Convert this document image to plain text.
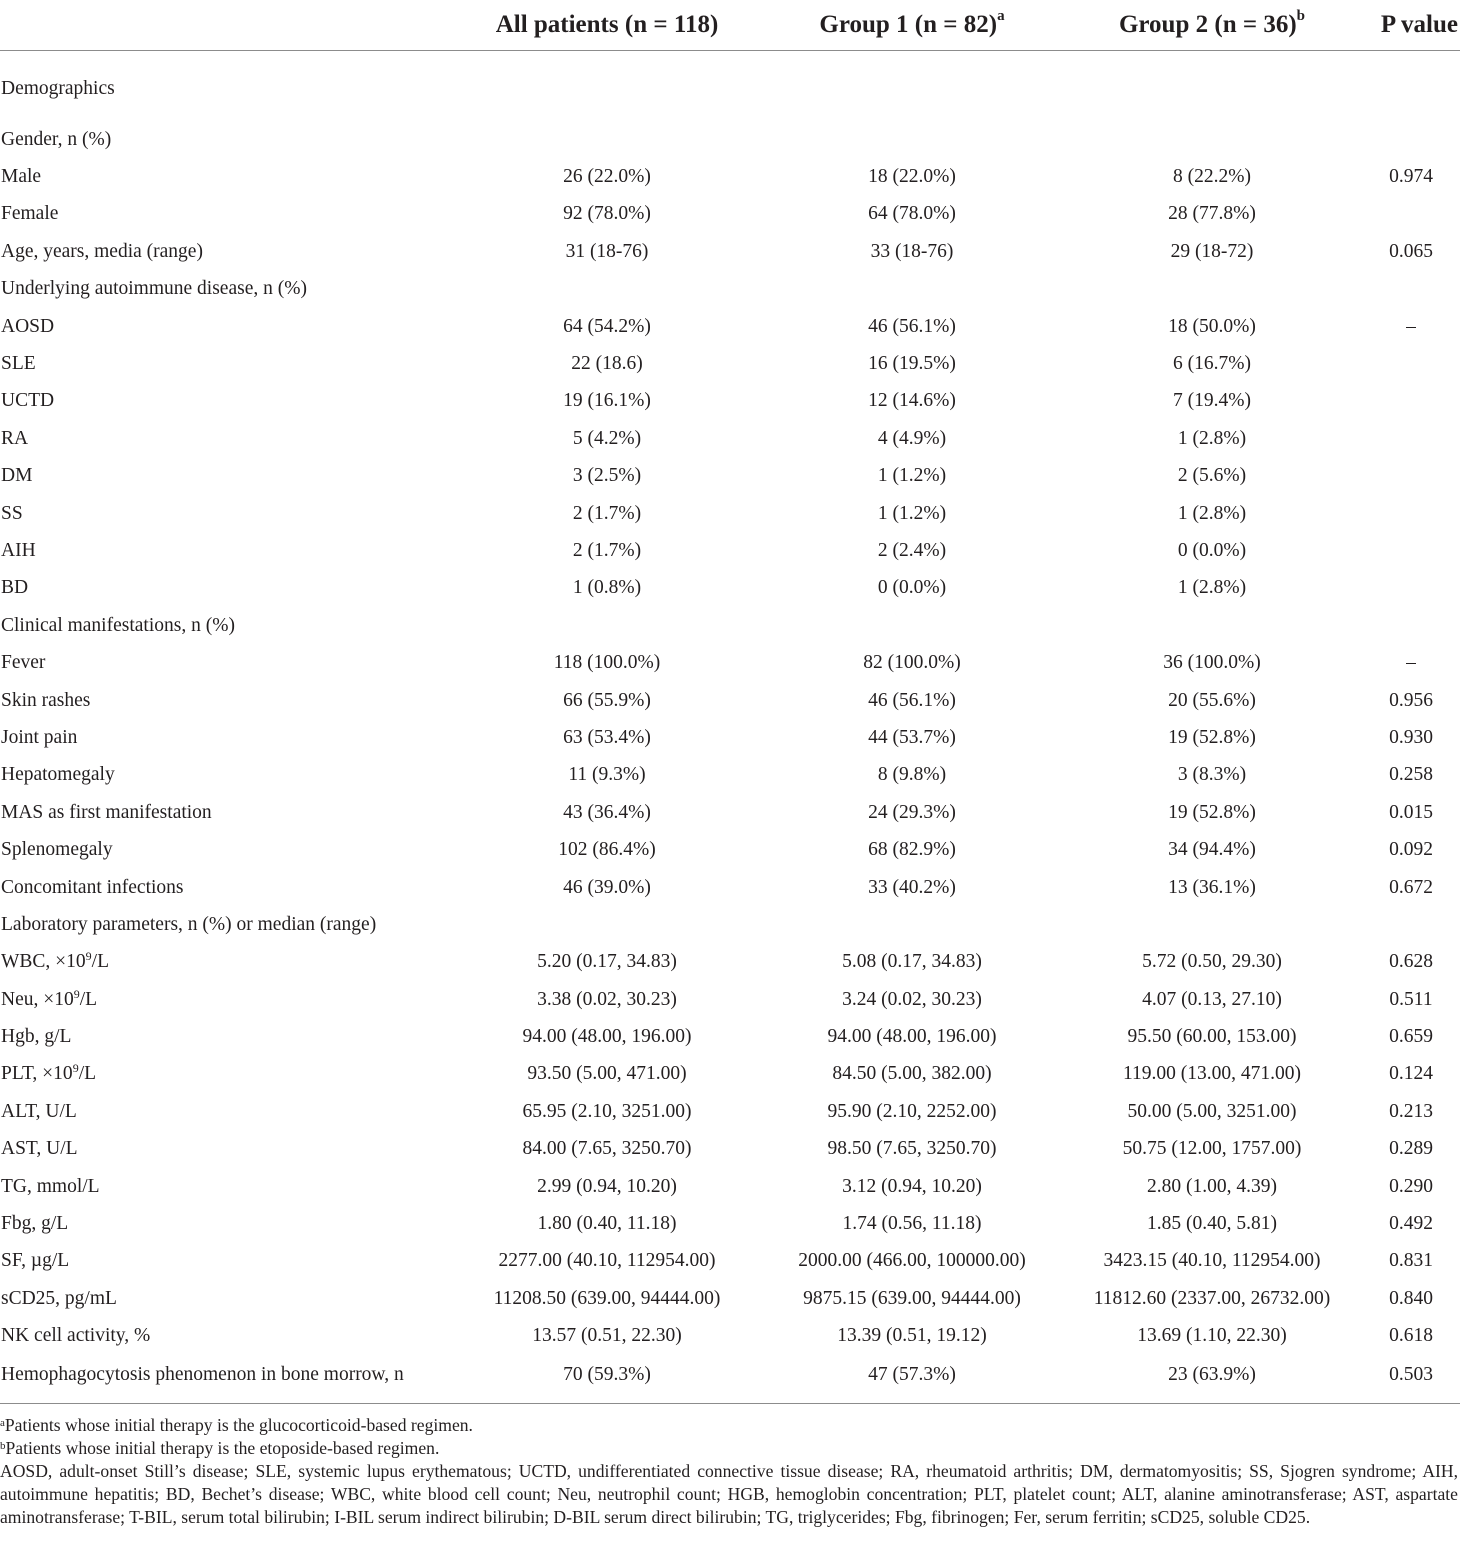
	All patients (n = 118)	Group 1 (n = 82)$^a$	Group 2 (n = 36)$^b$	P value
Demographics				
Gender, n (%)				
Male	26 (22.0%)	18 (22.0%)	8 (22.2%)	0.974
Female	92 (78.0%)	64 (78.0%)	28 (77.8%)	
Age, years, media (range)	31 (18-76)	33 (18-76)	29 (18-72)	0.065
Underlying autoimmune disease, n (%)				
AOSD	64 (54.2%)	46 (56.1%)	18 (50.0%)	–
SLE	22 (18.6)	16 (19.5%)	6 (16.7%)	
UCTD	19 (16.1%)	12 (14.6%)	7 (19.4%)	
RA	5 (4.2%)	4 (4.9%)	1 (2.8%)	
DM	3 (2.5%)	1 (1.2%)	2 (5.6%)	
SS	2 (1.7%)	1 (1.2%)	1 (2.8%)	
AIH	2 (1.7%)	2 (2.4%)	0 (0.0%)	
BD	1 (0.8%)	0 (0.0%)	1 (2.8%)	
Clinical manifestations, n (%)				
Fever	118 (100.0%)	82 (100.0%)	36 (100.0%)	–
Skin rashes	66 (55.9%)	46 (56.1%)	20 (55.6%)	0.956
Joint pain	63 (53.4%)	44 (53.7%)	19 (52.8%)	0.930
Hepatomegaly	11 (9.3%)	8 (9.8%)	3 (8.3%)	0.258
MAS as first manifestation	43 (36.4%)	24 (29.3%)	19 (52.8%)	0.015
Splenomegaly	102 (86.4%)	68 (82.9%)	34 (94.4%)	0.092
Concomitant infections	46 (39.0%)	33 (40.2%)	13 (36.1%)	0.672
Laboratory parameters, n (%) or median (range)				
WBC, $\times 10^9/L$	5.20 (0.17, 34.83)	5.08 (0.17, 34.83)	5.72 (0.50, 29.30)	0.628
Neu, $\times 10^9/L$	3.38 (0.02, 30.23)	3.24 (0.02, 30.23)	4.07 (0.13, 27.10)	0.511
Hgb, g/L	94.00 (48.00, 196.00)	94.00 (48.00, 196.00)	95.50 (60.00, 153.00)	0.659
PLT, $\times 10^9/L$	93.50 (5.00, 471.00)	84.50 (5.00, 382.00)	119.00 (13.00, 471.00)	0.124
ALT, U/L	65.95 (2.10, 3251.00)	95.90 (2.10, 2252.00)	50.00 (5.00, 3251.00)	0.213
AST, U/L	84.00 (7.65, 3250.70)	98.50 (7.65, 3250.70)	50.75 (12.00, 1757.00)	0.289
TG, mmol/L	2.99 (0.94, 10.20)	3.12 (0.94, 10.20)	2.80 (1.00, 4.39)	0.290
Fbg, g/L	1.80 (0.40, 11.18)	1.74 (0.56, 11.18)	1.85 (0.40, 5.81)	0.492
SF, µg/L	2277.00 (40.10, 112954.00)	2000.00 (466.00, 100000.00)	3423.15 (40.10, 112954.00)	0.831
sCD25, pg/mL	11208.50 (639.00, 94444.00)	9875.15 (639.00, 94444.00)	11812.60 (2337.00, 26732.00)	0.840
NK cell activity, %	13.57 (0.51, 22.30)	13.39 (0.51, 19.12)	13.69 (1.10, 22.30)	0.618
Hemophagocytosis phenomenon in bone morrow, n	70 (59.3%)	47 (57.3%)	23 (63.9%)	0.503

$^a$Patients whose initial therapy is the glucocorticoid-based regimen.

$^b$Patients whose initial therapy is the etoposide-based regimen.

AOSD, adult-onset Still’s disease; SLE, systemic lupus erythematous; UCTD, undifferentiated connective tissue disease; RA, rheumatoid arthritis; DM, dermatomyositis; SS, Sjogren syndrome; AIH, autoimmune hepatitis; BD, Bechet’s disease; WBC, white blood cell count; Neu, neutrophil count; HGB, hemoglobin concentration; PLT, platelet count; ALT, alanine aminotransferase; AST, aspartate aminotransferase; T-BIL, serum total bilirubin; I-BIL serum indirect bilirubin; D-BIL serum direct bilirubin; TG, triglycerides; Fbg, fibrinogen; Fer, serum ferritin; sCD25, soluble CD25.
